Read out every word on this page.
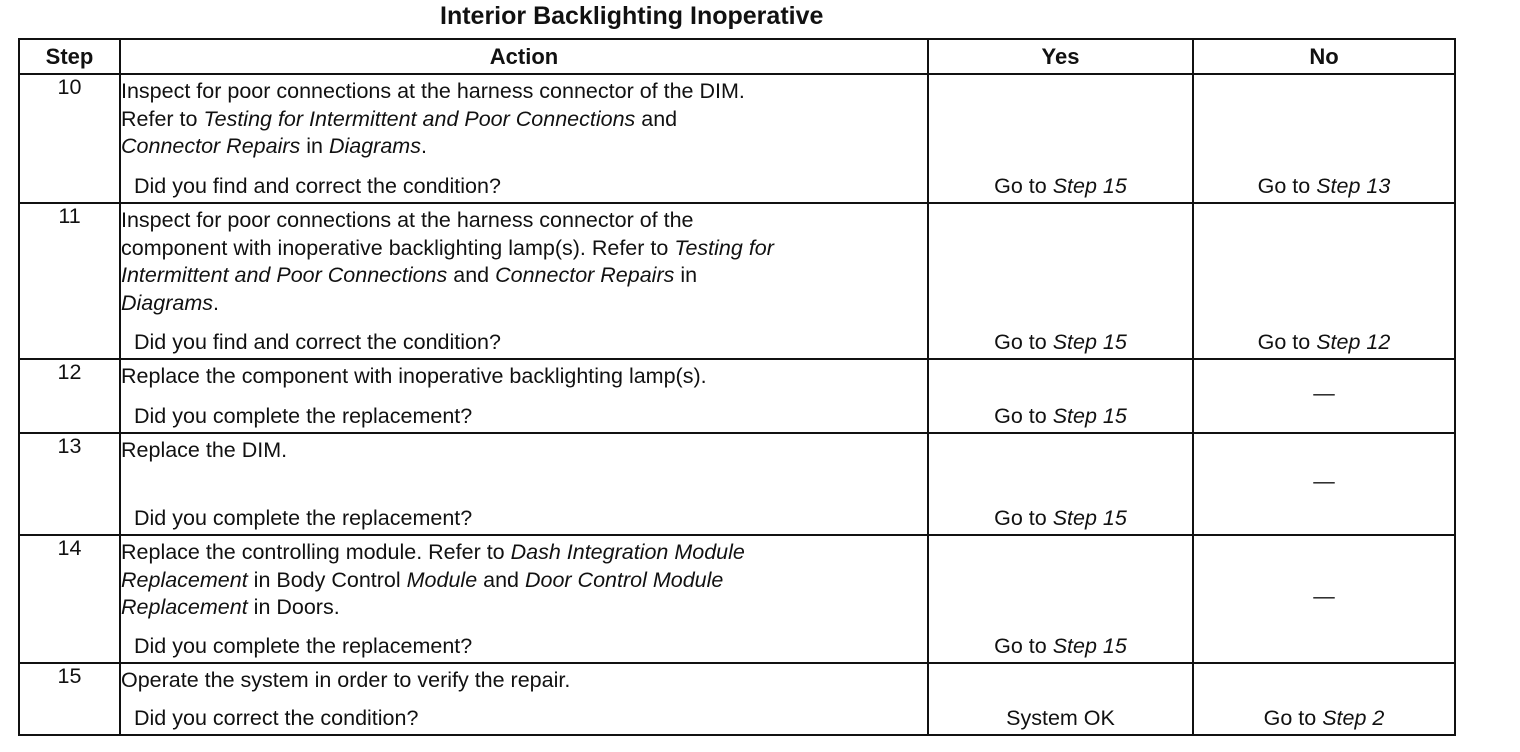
Interior Backlighting Inoperative
Step	Action	Yes	No
10	Inspect for poor connections at the harness connector of the DIM.
Refer to Testing for Intermittent and Poor Connections and
Connector Repairs in Diagrams.
Did you find and correct the condition?	Go to Step 15	Go to Step 13

11	Inspect for poor connections at the harness connector of the
component with inoperative backlighting lamp(s). Refer to Testing for
Intermittent and Poor Connections and Connector Repairs in
Diagrams.
Did you find and correct the condition?	Go to Step 15	Go to Step 12

12	Replace the component with inoperative backlighting lamp(s).
Did you complete the replacement?	Go to Step 15	—

13	Replace the DIM.
Did you complete the replacement?	Go to Step 15	—

14	Replace the controlling module. Refer to Dash Integration Module
Replacement in Body Control Module and Door Control Module
Replacement in Doors.
Did you complete the replacement?	Go to Step 15	—

15	Operate the system in order to verify the repair.
Did you correct the condition?	System OK	Go to Step 2
